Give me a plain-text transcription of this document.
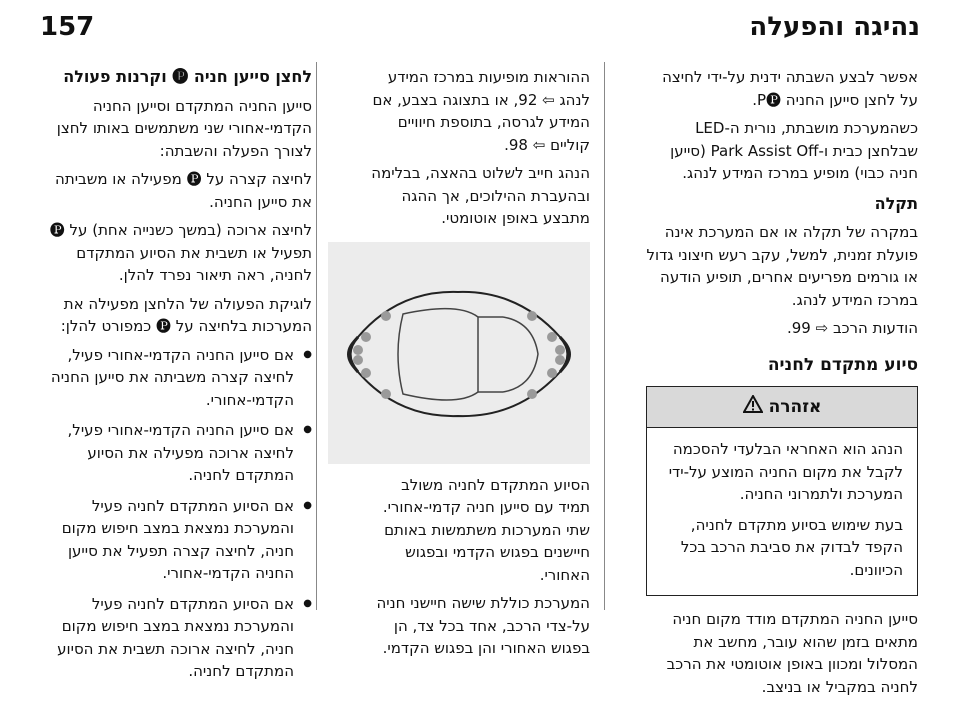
נהיגה והפעלה
157

אפשר לבצע השבתה ידנית על-ידי לחיצה על לחצן סייען החניה P🅟.

כשהמערכת מושבתת, נורית ה-LED שבלחצן כבית ו-Park Assist Off (סייען חניה כבוי) מופיע במרכז המידע לנהג.

תקלה

במקרה של תקלה או אם המערכת אינה פועלת זמנית, למשל, עקב רעש חיצוני גדול או גורמים מפריעים אחרים, תופיע הודעה במרכז המידע לנהג.

הודעות הרכב ⇨ 99.

סיוע מתקדם לחניה
אזהרה

הנהג הוא האחראי הבלעדי להסכמה לקבל את מקום החניה המוצע על-ידי המערכת ולתמרוני החניה.

בעת שימוש בסיוע מתקדם לחניה, הקפד לבדוק את סביבת הרכב בכל הכיוונים.

סייען החניה המתקדם מודד מקום חניה מתאים בזמן שהוא עובר, מחשב את המסלול ומכוון באופן אוטומטי את הרכב לחניה במקביל או בניצב.

ההוראות מופיעות במרכז המידע לנהג ⇦ 92, או בתצוגה בצבע, אם המידע לגרסה, בתוספת חיוויים קוליים ⇦ 98.

הנהג חייב לשלוט בהאצה, בבלימה ובהעברת ההילוכים, אך ההגה מתבצע באופן אוטומטי.

הסיוע המתקדם לחניה משולב תמיד עם סייען חניה קדמי-אחורי. שתי המערכות משתמשות באותם חיישנים בפגוש הקדמי ובפגוש האחורי.

המערכת כוללת שישה חיישני חניה על-צדי הרכב, אחד בכל צד, הן בפגוש האחורי והן בפגוש הקדמי.

לחצן סייען חניה 🅟 וקרנות פעולה

סייען החניה המתקדם וסייען החניה הקדמי-אחורי שני משתמשים באותו לחצן לצורך הפעלה והשבתה:

לחיצה קצרה על 🅟 מפעילה או משביתה את סייען החניה.

לחיצה ארוכה (במשך כשנייה אחת) על 🅟 תפעיל או תשבית את הסיוע המתקדם לחניה, ראה תיאור נפרד להלן.

לוגיקת הפעולה של הלחצן מפעילה את המערכות בלחיצה על 🅟 כמפורט להלן:

● אם סייען החניה הקדמי-אחורי פעיל, לחיצה קצרה משביתה את סייען החניה הקדמי-אחורי.
● אם סייען החניה הקדמי-אחורי פעיל, לחיצה ארוכה מפעילה את הסיוע המתקדם לחניה.
● אם הסיוע המתקדם לחניה פעיל והמערכת נמצאת במצב חיפוש מקום חניה, לחיצה קצרה תפעיל את סייען החניה הקדמי-אחורי.
● אם הסיוע המתקדם לחניה פעיל והמערכת נמצאת במצב חיפוש מקום חניה, לחיצה ארוכה תשבית את הסיוע המתקדם לחניה.
